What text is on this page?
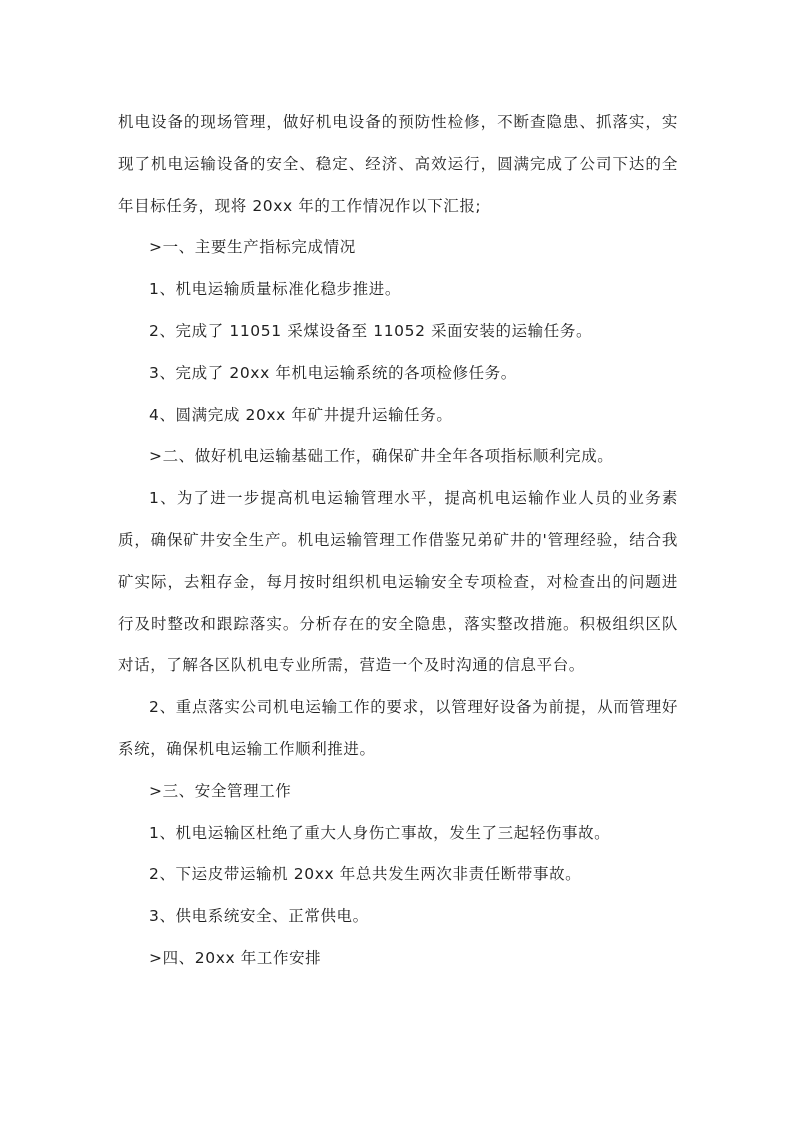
机电设备的现场管理，做好机电设备的预防性检修，不断查隐患、抓落实，实现了机电运输设备的安全、稳定、经济、高效运行，圆满完成了公司下达的全年目标任务，现将 20xx 年的工作情况作以下汇报;

>一、主要生产指标完成情况

1、机电运输质量标准化稳步推进。

2、完成了 11051 采煤设备至 11052 采面安装的运输任务。

3、完成了 20xx 年机电运输系统的各项检修任务。

4、圆满完成 20xx 年矿井提升运输任务。

>二、做好机电运输基础工作，确保矿井全年各项指标顺利完成。

1、为了进一步提高机电运输管理水平，提高机电运输作业人员的业务素质，确保矿井安全生产。机电运输管理工作借鉴兄弟矿井的'管理经验，结合我矿实际，去粗存金，每月按时组织机电运输安全专项检查，对检查出的问题进行及时整改和跟踪落实。分析存在的安全隐患，落实整改措施。积极组织区队对话，了解各区队机电专业所需，营造一个及时沟通的信息平台。

2、重点落实公司机电运输工作的要求，以管理好设备为前提，从而管理好系统，确保机电运输工作顺利推进。

>三、安全管理工作

1、机电运输区杜绝了重大人身伤亡事故，发生了三起轻伤事故。

2、下运皮带运输机 20xx 年总共发生两次非责任断带事故。

3、供电系统安全、正常供电。

>四、20xx 年工作安排
